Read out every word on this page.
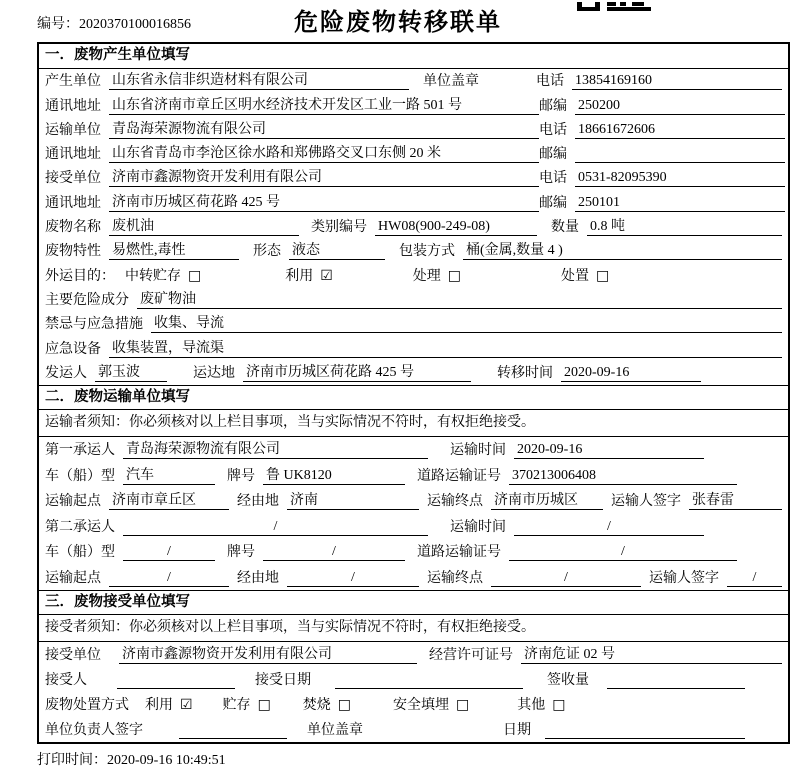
编号：2020370100016856	危险废物转移联单
一．废物产生单位填写
产生单位 山东省永信非织造材料有限公司	单位盖章	电话 13854169160
通讯地址 山东省济南市章丘区明水经济技术开发区工业一路 501 号	邮编 250200
运输单位 青岛海荣源物流有限公司	电话 18661672606
通讯地址 山东省青岛市李沧区徐水路和郑佛路交叉口东侧 20 米	邮编
接受单位 济南市鑫源物资开发利用有限公司	电话 0531-82095390
通讯地址 济南市历城区荷花路 425 号	邮编 250101
废物名称 废机油	类别编号 HW08(900-249-08)	数量 0.8 吨
废物特性 易燃性,毒性	形态 液态	包装方式 桶(金属,数量 4 )
外运目的： 中转贮存 □	利用 ☑	处理 □	处置 □
主要危险成分 废矿物油
禁忌与应急措施 收集、导流
应急设备 收集装置，导流渠
发运人 郭玉波	运达地 济南市历城区荷花路 425 号	转移时间 2020-09-16
二．废物运输单位填写
运输者须知：你必须核对以上栏目事项，当与实际情况不符时，有权拒绝接受。
第一承运人 青岛海荣源物流有限公司	运输时间 2020-09-16
车（船）型 汽车	牌号 鲁 UK8120	道路运输证号 370213006408
运输起点 济南市章丘区	经由地 济南	运输终点 济南市历城区	运输人签字 张春雷
第二承运人	/	运输时间	/
车（船）型	/	牌号	/	道路运输证号	/
运输起点	/	经由地	/	运输终点	/	运输人签字	/
三．废物接受单位填写
接受者须知：你必须核对以上栏目事项，当与实际情况不符时，有权拒绝接受。
接受单位 济南市鑫源物资开发利用有限公司	经营许可证号 济南危证 02 号
接受人	接受日期	签收量
废物处置方式 利用 ☑ 贮存 □ 焚烧 □	安全填埋 □	其他 □
单位负责人签字	单位盖章	日期
打印时间：2020-09-16 10:49:51
